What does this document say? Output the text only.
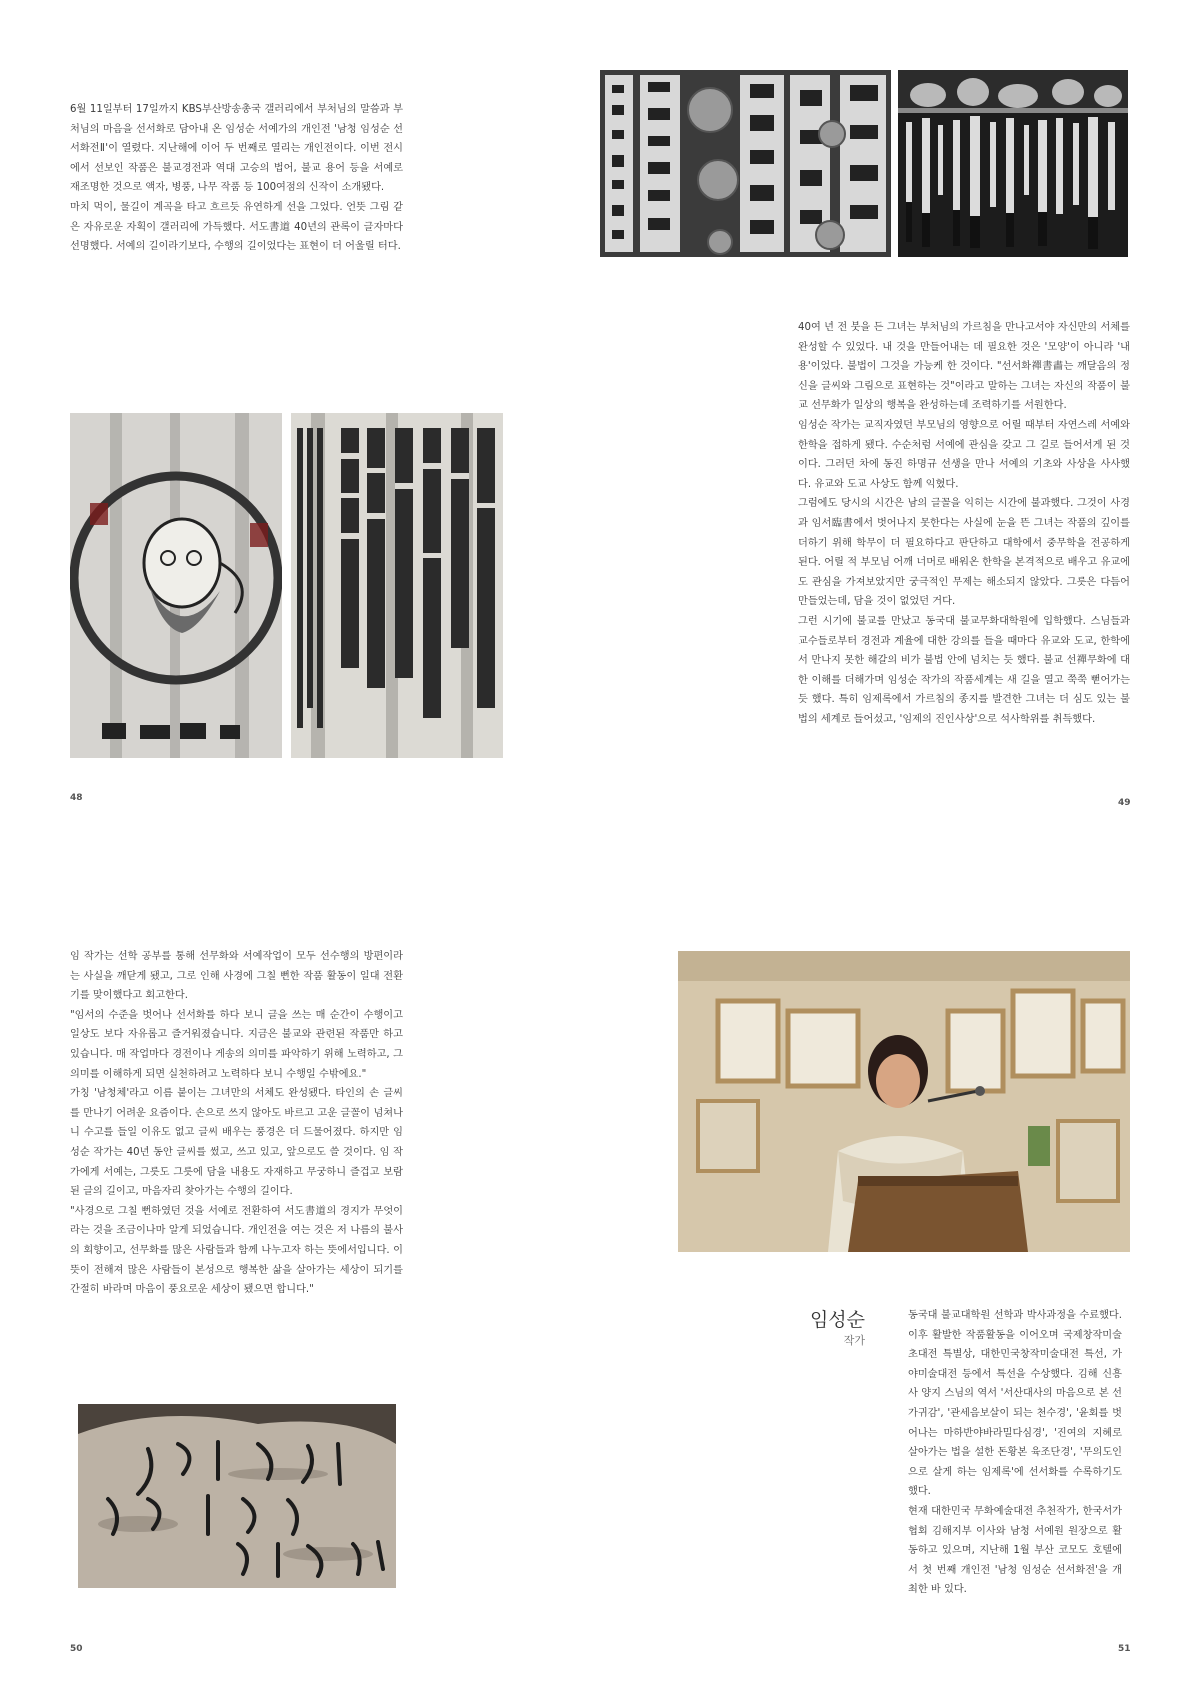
6월 11일부터 17일까지 KBS부산방송총국 갤러리에서 부처님의 말씀과 부처님의 마음을 선서화로 담아내 온 임성순 서예가의 개인전 '남청 임성순 선서화전Ⅱ'이 열렸다. 지난해에 이어 두 번째로 열리는 개인전이다. 이번 전시에서 선보인 작품은 불교경전과 역대 고승의 법어, 불교 용어 등을 서예로 재조명한 것으로 액자, 병풍, 나무 작품 등 100여점의 신작이 소개됐다.

마치 먹이, 물길이 계곡을 타고 흐르듯 유연하게 선을 그었다. 언뜻 그림 같은 자유로운 자획이 갤러리에 가득했다. 서도書道 40년의 관록이 글자마다 선명했다. 서예의 길이라기보다, 수행의 길이었다는 표현이 더 어울릴 터다.

40여 년 전 붓을 든 그녀는 부처님의 가르침을 만나고서야 자신만의 서체를 완성할 수 있었다. 내 것을 만들어내는 데 필요한 것은 '모양'이 아니라 '내용'이었다. 불법이 그것을 가능케 한 것이다. "선서화禪書畵는 깨달음의 정신을 글씨와 그림으로 표현하는 것"이라고 말하는 그녀는 자신의 작품이 불교 선무화가 일상의 행복을 완성하는데 조력하기를 서원한다.

임성순 작가는 교직자였던 부모님의 영향으로 어릴 때부터 자연스레 서예와 한학을 접하게 됐다. 수순처럼 서예에 관심을 갖고 그 길로 들어서게 된 것이다. 그러던 차에 동진 하명규 선생을 만나 서예의 기초와 사상을 사사했다. 유교와 도교 사상도 함께 익혔다.

그럼에도 당시의 시간은 남의 글꼴을 익히는 시간에 불과했다. 그것이 사경과 임서臨書에서 벗어나지 못한다는 사실에 눈을 뜬 그녀는 작품의 깊이를 더하기 위해 학무이 더 필요하다고 판단하고 대학에서 중무학을 전공하게 된다. 어릴 적 부모님 어깨 너머로 배워온 한학을 본격적으로 배우고 유교에도 관심을 가져보았지만 궁극적인 무제는 해소되지 않았다. 그릇은 다듬어 만들었는데, 담을 것이 없었던 거다.

그런 시기에 불교를 만났고 동국대 불교무화대학원에 입학했다. 스님들과 교수들로부터 경전과 계율에 대한 강의를 들을 때마다 유교와 도교, 한학에서 만나지 못한 해갈의 비가 불법 안에 넘치는 듯 했다. 불교 선禪무화에 대한 이해를 더해가며 임성순 작가의 작품세계는 새 길을 열고 쭉쭉 뻗어가는 듯 했다. 특히 임제록에서 가르침의 종지를 발견한 그녀는 더 심도 있는 불법의 세계로 들어섰고, '임제의 진인사상'으로 석사학위를 취득했다.

48	49

임 작가는 선학 공부를 통해 선무화와 서예작업이 모두 선수행의 방편이라는 사실을 깨닫게 됐고, 그로 인해 사경에 그칠 뻔한 작품 활동이 일대 전환기를 맞이했다고 회고한다.

"임서의 수준을 벗어나 선서화를 하다 보니 글을 쓰는 매 순간이 수행이고 일상도 보다 자유롭고 즐거워졌습니다. 지금은 불교와 관련된 작품만 하고 있습니다. 매 작업마다 경전이나 게송의 의미를 파악하기 위해 노력하고, 그 의미를 이해하게 되면 실천하려고 노력하다 보니 수행일 수밖에요."

가칭 '남청체'라고 이름 붙이는 그녀만의 서체도 완성됐다. 타인의 손 글씨를 만나기 어려운 요즘이다. 손으로 쓰지 않아도 바르고 고운 글꼴이 넘쳐나니 수고를 들일 이유도 없고 글씨 배우는 풍경은 더 드물어졌다. 하지만 임성순 작가는 40년 동안 글씨를 썼고, 쓰고 있고, 앞으로도 쓸 것이다. 임 작가에게 서예는, 그릇도 그릇에 담을 내용도 자재하고 무궁하니 즐겁고 보람된 글의 길이고, 마음자리 찾아가는 수행의 길이다.

"사경으로 그칠 뻔하였던 것을 서예로 전환하여 서도書道의 경지가 무엇이라는 것을 조금이나마 알게 되었습니다. 개인전을 여는 것은 저 나름의 불사의 회향이고, 선무화를 많은 사람들과 함께 나누고자 하는 뜻에서입니다. 이 뜻이 전해져 많은 사람들이 본성으로 행복한 삶을 살아가는 세상이 되기를 간절히 바라며 마음이 풍요로운 세상이 됐으면 합니다."

임성순
작가

동국대 불교대학원 선학과 박사과정을 수료했다. 이후 활발한 작품활동을 이어오며 국제창작미술초대전 특별상, 대한민국창작미술대전 특선, 가야미술대전 등에서 특선을 수상했다. 김해 신흥사 양지 스님의 역서 '서산대사의 마음으로 본 선가귀감', '관세음보살이 되는 천수경', '윤회를 벗어나는 마하반야바라밀다심경', '진여의 지혜로 살아가는 법을 설한 돈황본 육조단경', '무의도인으로 살게 하는 임제록'에 선서화를 수록하기도 했다.

현재 대한민국 무화예술대전 추천작가, 한국서가협회 김해지부 이사와 남청 서예원 원장으로 활동하고 있으며, 지난해 1월 부산 코모도 호텔에서 첫 번째 개인전 '남청 임성순 선서화전'을 개최한 바 있다.

50	51
